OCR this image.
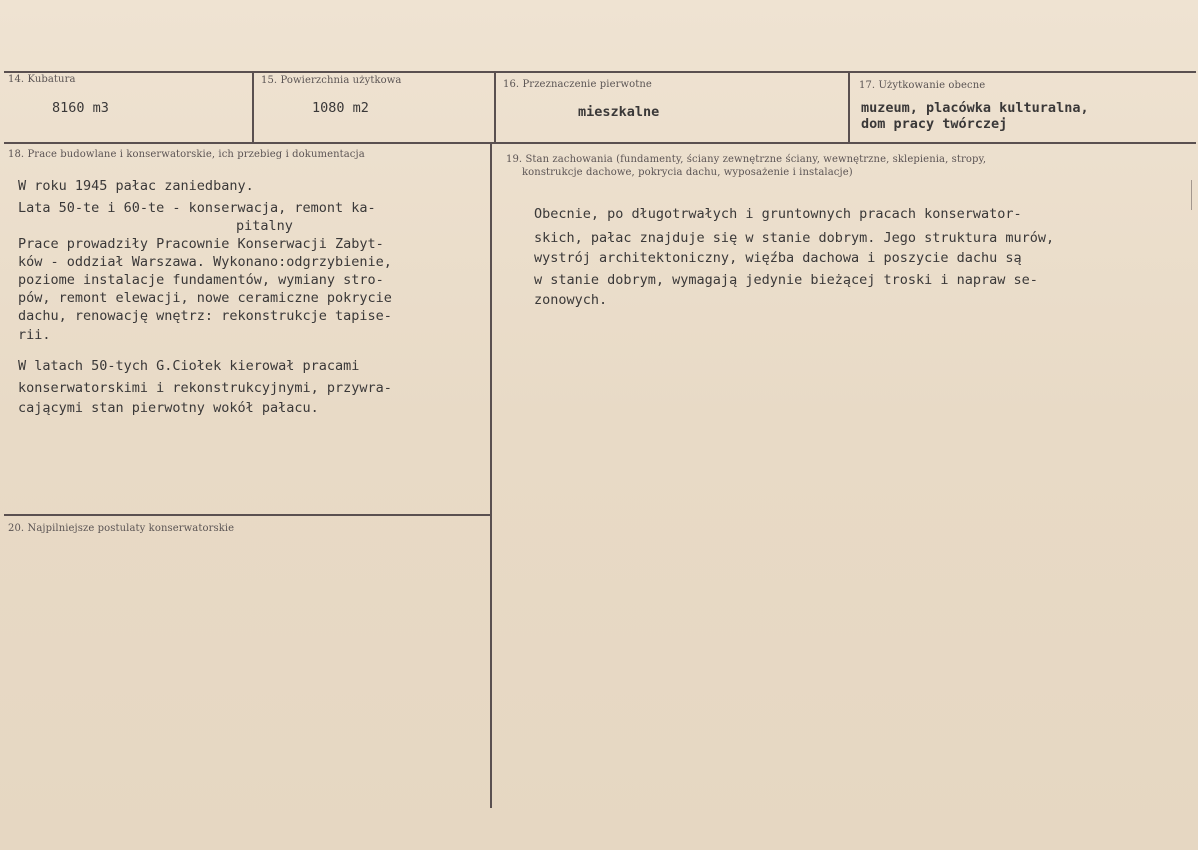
14. Kubatura
8160 m3
15. Powierzchnia użytkowa
1080 m2
16. Przeznaczenie pierwotne
mieszkalne
17. Użytkowanie obecne
muzeum, placówka kulturalna,
dom pracy twórczej
18. Prace budowlane i konserwatorskie, ich przebieg i dokumentacja
W roku 1945 pałac zaniedbany.
Lata 50-te i 60-te - konserwacja, remont ka-
pitalny
Prace prowadziły Pracownie Konserwacji Zabyt-
ków - oddział Warszawa. Wykonano:odgrzybienie,
poziome instalacje fundamentów, wymiany stro-
pów, remont elewacji, nowe ceramiczne pokrycie
dachu, renowację wnętrz: rekonstrukcje tapise-
rii.
W latach 50-tych G.Ciołek kierował pracami
konserwatorskimi i rekonstrukcyjnymi, przywra-
cającymi stan pierwotny wokół pałacu.
19. Stan zachowania (fundamenty, ściany zewnętrzne ściany, wewnętrzne, sklepienia, stropy,
konstrukcje dachowe, pokrycia dachu, wyposażenie i instalacje)
Obecnie, po długotrwałych i gruntownych pracach konserwator-
skich, pałac znajduje się w stanie dobrym. Jego struktura murów,
wystrój architektoniczny, więźba dachowa i poszycie dachu są
w stanie dobrym, wymagają jedynie bieżącej troski i napraw se-
zonowych.
20. Najpilniejsze postulaty konserwatorskie
